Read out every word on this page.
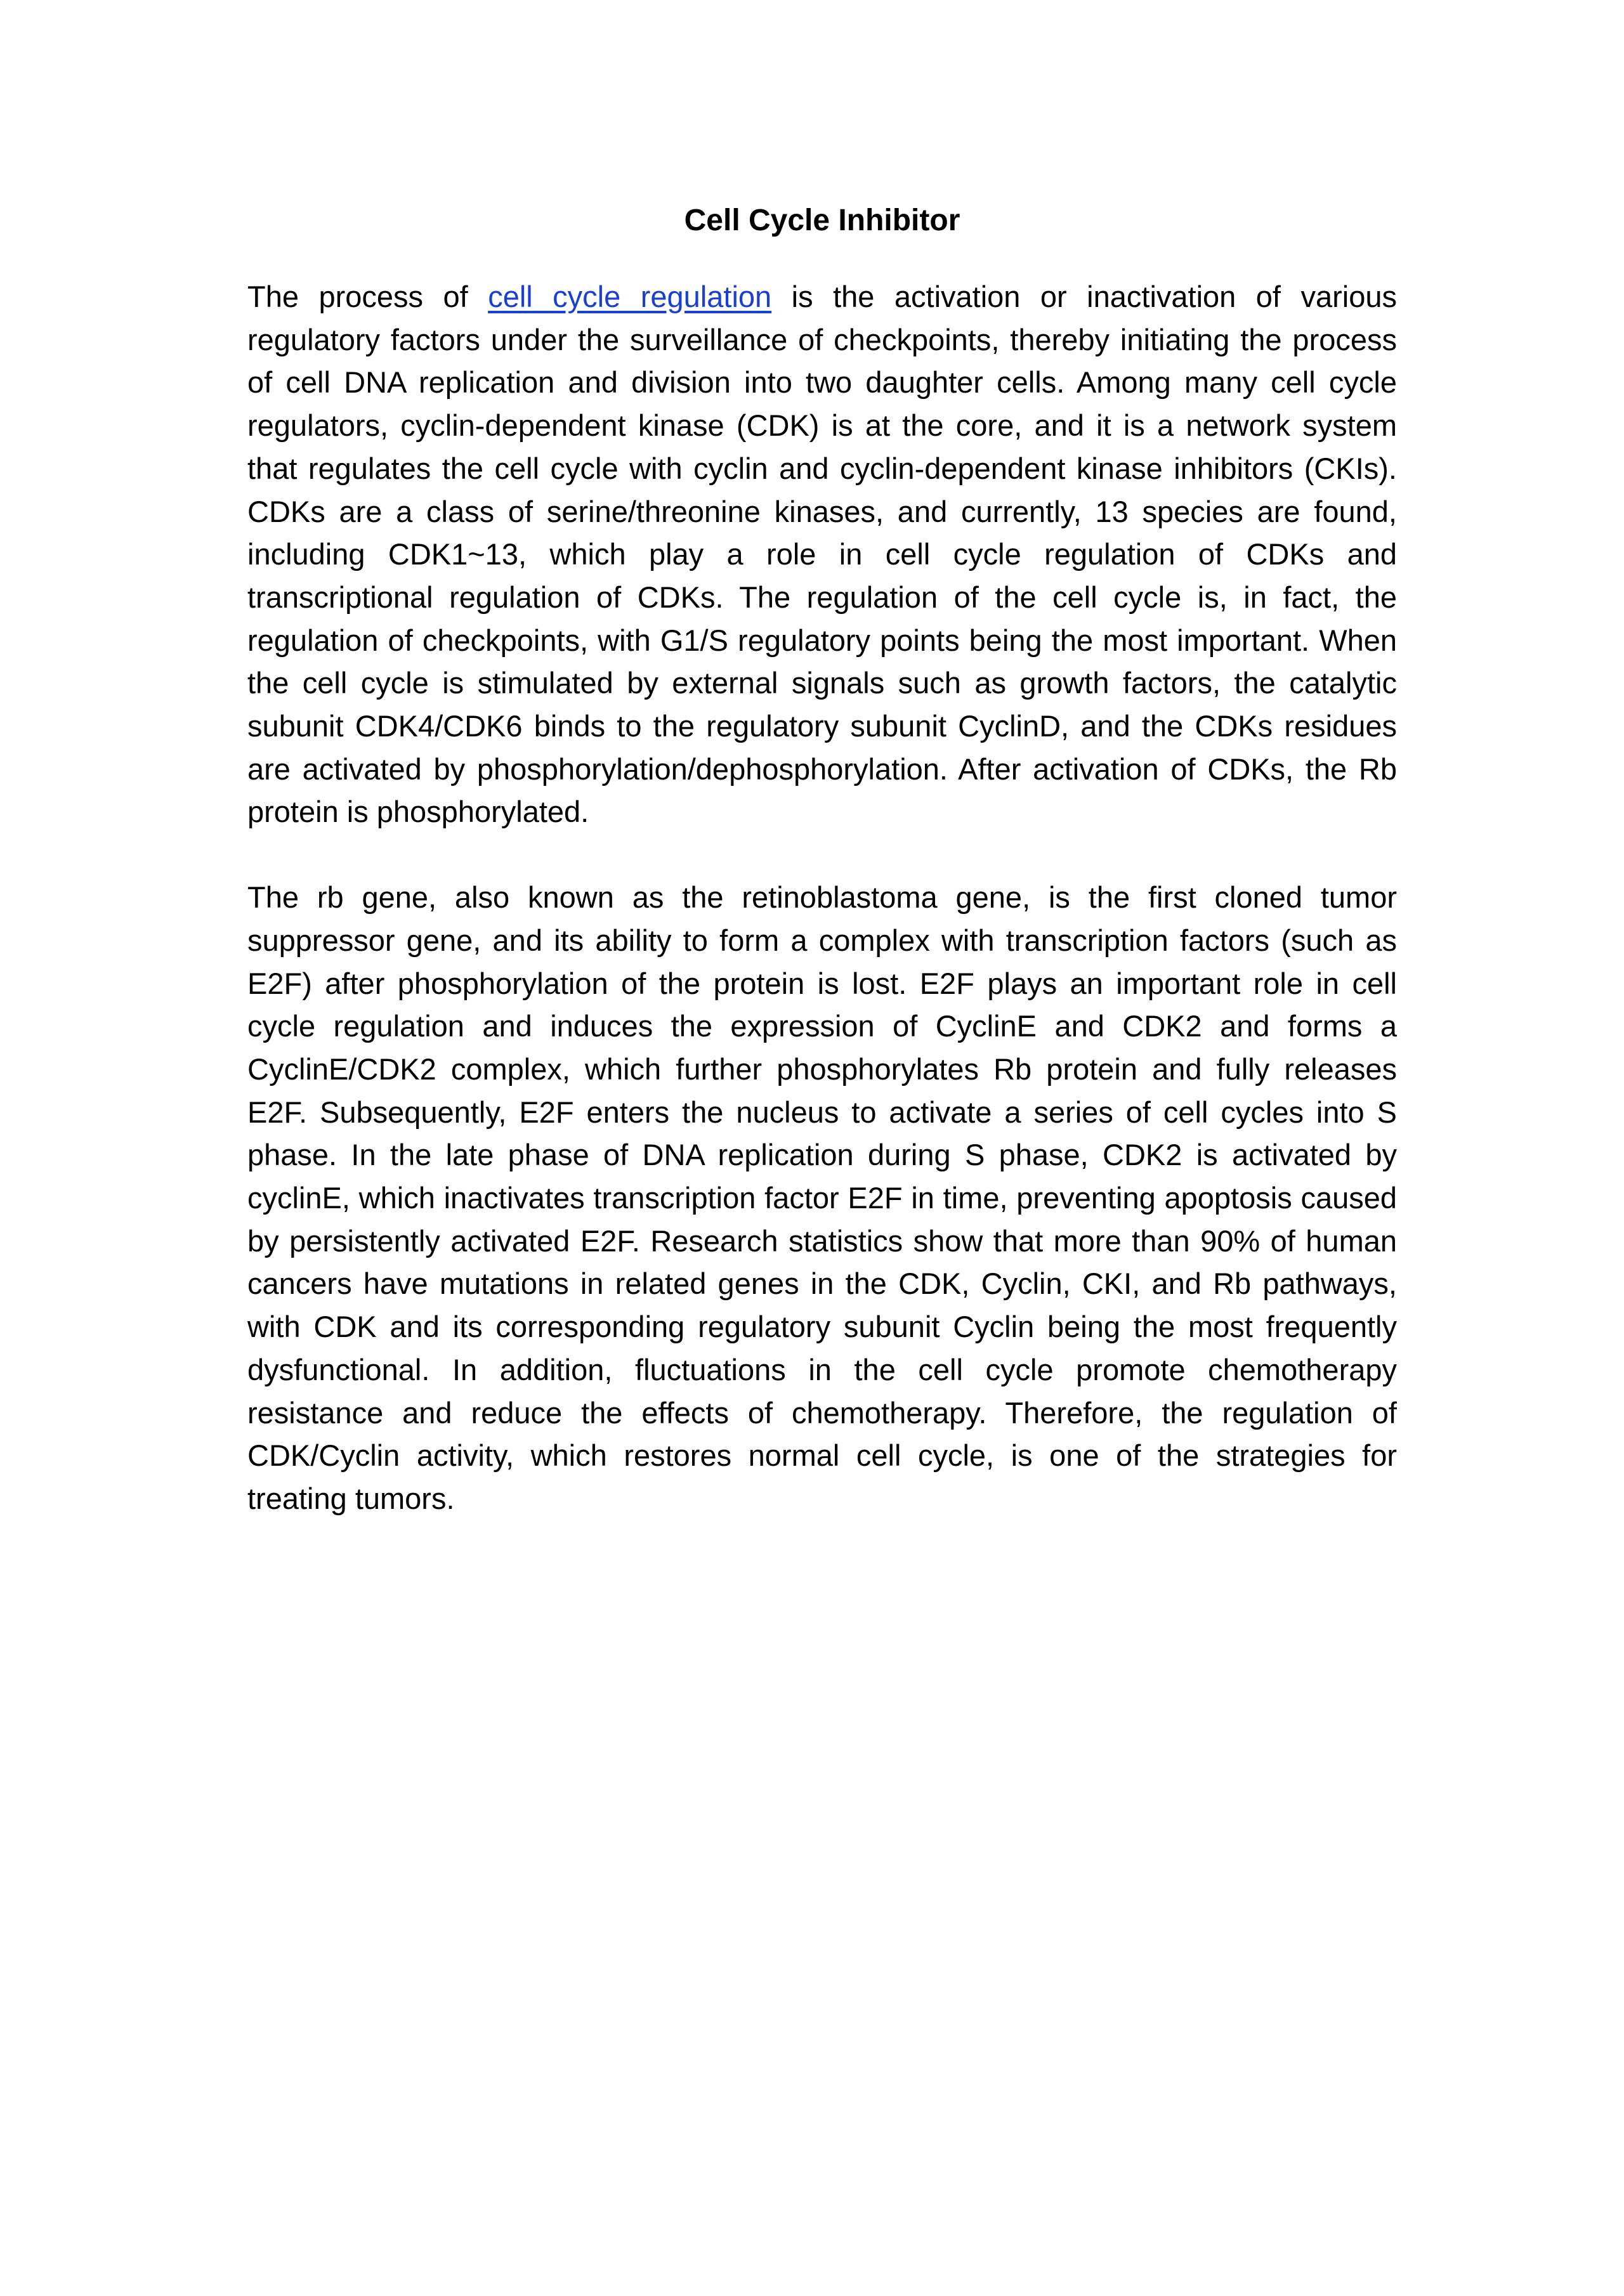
Cell Cycle Inhibitor

The process of cell cycle regulation is the activation or inactivation of various regulatory factors under the surveillance of checkpoints, thereby initiating the process of cell DNA replication and division into two daughter cells. Among many cell cycle regulators, cyclin-dependent kinase (CDK) is at the core, and it is a network system that regulates the cell cycle with cyclin and cyclin-dependent kinase inhibitors (CKIs). CDKs are a class of serine/threonine kinases, and currently, 13 species are found, including CDK1~13, which play a role in cell cycle regulation of CDKs and transcriptional regulation of CDKs. The regulation of the cell cycle is, in fact, the regulation of checkpoints, with G1/S regulatory points being the most important. When the cell cycle is stimulated by external signals such as growth factors, the catalytic subunit CDK4/CDK6 binds to the regulatory subunit CyclinD, and the CDKs residues are activated by phosphorylation/dephosphorylation. After activation of CDKs, the Rb protein is phosphorylated.

The rb gene, also known as the retinoblastoma gene, is the first cloned tumor suppressor gene, and its ability to form a complex with transcription factors (such as E2F) after phosphorylation of the protein is lost. E2F plays an important role in cell cycle regulation and induces the expression of CyclinE and CDK2 and forms a CyclinE/CDK2 complex, which further phosphorylates Rb protein and fully releases E2F. Subsequently, E2F enters the nucleus to activate a series of cell cycles into S phase. In the late phase of DNA replication during S phase, CDK2 is activated by cyclinE, which inactivates transcription factor E2F in time, preventing apoptosis caused by persistently activated E2F. Research statistics show that more than 90% of human cancers have mutations in related genes in the CDK, Cyclin, CKI, and Rb pathways, with CDK and its corresponding regulatory subunit Cyclin being the most frequently dysfunctional. In addition, fluctuations in the cell cycle promote chemotherapy resistance and reduce the effects of chemotherapy. Therefore, the regulation of CDK/Cyclin activity, which restores normal cell cycle, is one of the strategies for treating tumors.
